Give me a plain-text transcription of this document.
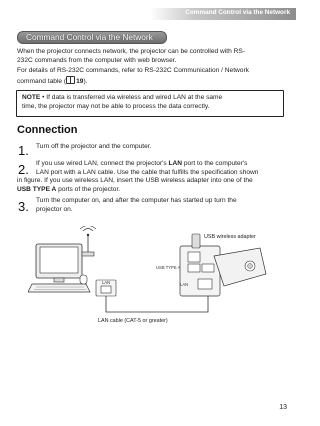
Command Control via the Network
Command Control via the Network
When the projector connects network, the projector can be controlled with RS-
232C commands from the computer with web browser.
For details of RS-232C commands, refer to RS-232C Communication / Network
command table ( 19).
NOTE • If data is transferred via wireless and wired LAN at the same
time, the projector may not be able to process the data correctly.
Connection
1. Turn off the projector and the computer.
2. If you use wired LAN, connect the projector's LAN port to the computer's
LAN port with a LAN cable. Use the cable that fulfills the specification shown
in figure. If you use wireless LAN, insert the USB wireless adapter into one of the
USB TYPE A ports of the projector.
3. Turn the computer on, and after the computer has started up turn the
projector on.
LAN
LAN cable (CAT-5 or greater)
USB TYPE A
LAN
USB wireless adapter
13
